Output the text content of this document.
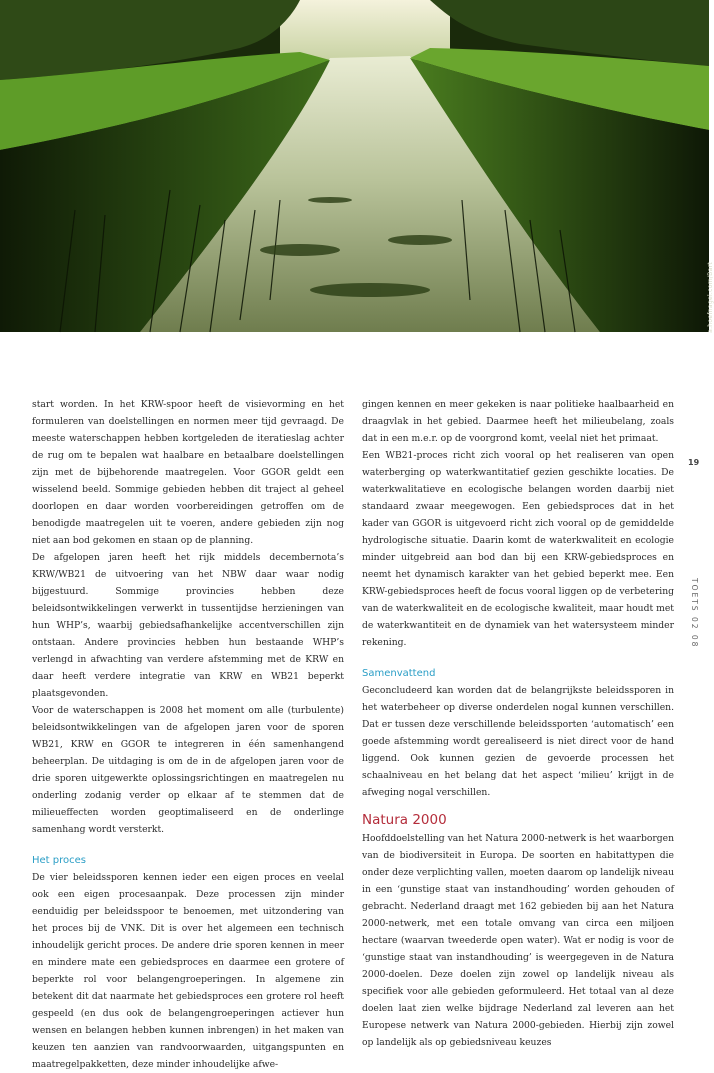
a.hoefnagel.com/Bart

start worden. In het KRW-spoor heeft de visievorming en het formuleren van doelstellingen en normen meer tijd gevraagd. De meeste waterschappen hebben kortgeleden de iteratieslag achter de rug om te bepalen wat haalbare en betaalbare doelstellingen zijn met de bijbehorende maatregelen. Voor GGOR geldt een wisselend beeld. Sommige gebieden hebben dit traject al geheel doorlopen en daar worden voorbereidingen getroffen om de benodigde maatregelen uit te voeren, andere gebieden zijn nog niet aan bod gekomen en staan op de planning.

De afgelopen jaren heeft het rijk middels decembernota’s KRW/WB21 de uitvoering van het NBW daar waar nodig bijgestuurd. Sommige provincies hebben deze beleidsontwikkelingen verwerkt in tussentijdse herzieningen van hun WHP’s, waarbij gebiedsafhankelijke accentverschillen zijn ontstaan. Andere provincies hebben hun bestaande WHP’s verlengd in afwachting van verdere afstemming met de KRW en daar heeft verdere integratie van KRW en WB21 beperkt plaatsgevonden.

Voor de waterschappen is 2008 het moment om alle (turbulente) beleidsontwikkelingen van de afgelopen jaren voor de sporen WB21, KRW en GGOR te integreren in één samenhangend beheerplan. De uitdaging is om de in de afgelopen jaren voor de drie sporen uitgewerkte oplossingsrichtingen en maatregelen nu onderling zodanig verder op elkaar af te stemmen dat de milieueffecten worden geoptimaliseerd en de onderlinge samenhang wordt versterkt.

Het proces

De vier beleidssporen kennen ieder een eigen proces en veelal ook een eigen procesaanpak. Deze processen zijn minder eenduidig per beleidsspoor te benoemen, met uitzondering van het proces bij de VNK. Dit is over het algemeen een technisch inhoudelijk gericht proces. De andere drie sporen kennen in meer en mindere mate een gebiedsproces en daarmee een grotere of beperkte rol voor belangengroeperingen. In algemene zin betekent dit dat naarmate het gebiedsproces een grotere rol heeft gespeeld (en dus ook de belangengroeperingen actiever hun wensen en belangen hebben kunnen inbrengen) in het maken van keuzen ten aanzien van randvoorwaarden, uitgangspunten en maatregelpakketten, deze minder inhoudelijke afwe-

gingen kennen en meer gekeken is naar politieke haalbaarheid en draagvlak in het gebied. Daarmee heeft het milieubelang, zoals dat in een m.e.r. op de voorgrond komt, veelal niet het primaat.

Een WB21-proces richt zich vooral op het realiseren van open waterberging op waterkwantitatief gezien geschikte locaties. De waterkwalitatieve en ecologische belangen worden daarbij niet standaard zwaar meegewogen. Een gebiedsproces dat in het kader van GGOR is uitgevoerd richt zich vooral op de gemiddelde hydrologische situatie. Daarin komt de waterkwaliteit en ecologie minder uitgebreid aan bod dan bij een KRW-gebiedsproces en neemt het dynamisch karakter van het gebied beperkt mee. Een KRW-gebiedsproces heeft de focus vooral liggen op de verbetering van de waterkwaliteit en de ecologische kwaliteit, maar houdt met de waterkwantiteit en de dynamiek van het watersysteem minder rekening.

Samenvattend

Geconcludeerd kan worden dat de belangrijkste beleidssporen in het waterbeheer op diverse onderdelen nogal kunnen verschillen. Dat er tussen deze verschillende beleidssporten ‘automatisch’ een goede afstemming wordt gerealiseerd is niet direct voor de hand liggend. Ook kunnen gezien de gevoerde processen het schaalniveau en het belang dat het aspect ‘milieu’ krijgt in de afweging nogal verschillen.

Natura 2000

Hoofddoelstelling van het Natura 2000-netwerk is het waarborgen van de biodiversiteit in Europa. De soorten en habitattypen die onder deze verplichting vallen, moeten daarom op landelijk niveau in een ‘gunstige staat van instandhouding’ worden gehouden of gebracht. Nederland draagt met 162 gebieden bij aan het Natura 2000-netwerk, met een totale omvang van circa een miljoen hectare (waarvan tweederde open water). Wat er nodig is voor de ‘gunstige staat van instandhouding’ is weergegeven in de Natura 2000-doelen. Deze doelen zijn zowel op landelijk niveau als specifiek voor alle gebieden geformuleerd. Het totaal van al deze doelen laat zien welke bijdrage Nederland zal leveren aan het Europese netwerk van Natura 2000-gebieden. Hierbij zijn zowel op landelijk als op gebiedsniveau keuzes

19
TOETS 02 08
